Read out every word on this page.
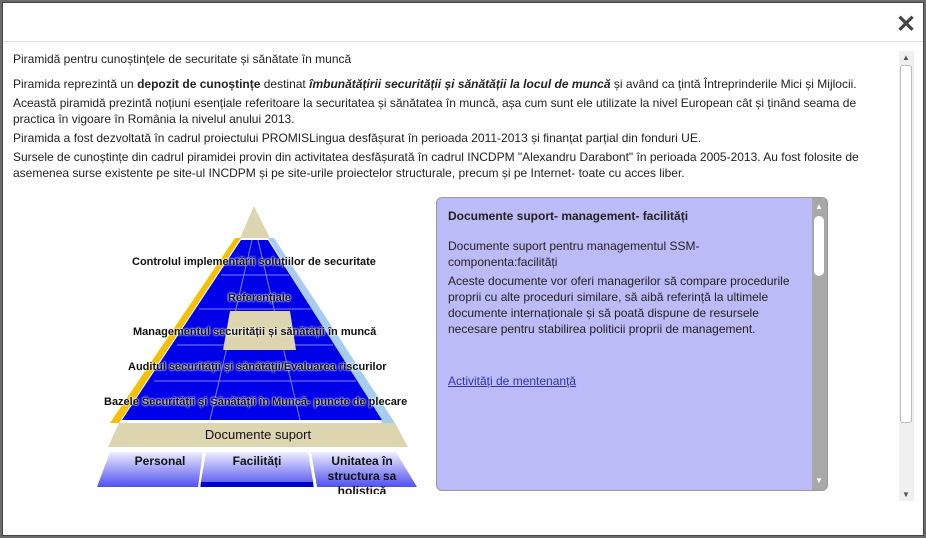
✕

Piramidă pentru cunoștințele de securitate și sănătate în muncă

Piramida reprezintă un depozit de cunoștințe destinat îmbunătățirii securității și sănătății la locul de muncă și având ca țintă Întreprinderile Mici și Mijlocii.

Această piramidă prezintă noțiuni esențiale referitoare la securitatea și sănătatea în muncă, așa cum sunt ele utilizate la nivel European cât și ținând seama de practica în vigoare în România la nivelul anului 2013.

Piramida a fost dezvoltată în cadrul proiectului PROMISLingua desfășurat în perioada 2011-2013 și finanțat parțial din fonduri UE.

Sursele de cunoștințe din cadrul piramidei provin din activitatea desfășurată în cadrul INCDPM "Alexandru Darabont" în perioada 2005-2013. Au fost folosite de asemenea surse existente pe site-ul INCDPM și pe site-urile proiectelor structurale, precum și pe Internet- toate cu acces liber.

▲
▼
Controlul implementării soluțiilor de securitate
Referențiale
Managementul securității și sănătății în muncă
Auditul securității și sănătății/Evaluarea riscurilor
Bazele Securității și Sănătății în Muncă- puncte de plecare
Documente suport
Personal	Facilități	Unitatea în structura sa holistică
Documente suport- management- facilități

Documente suport pentru managementul SSM- componenta:facilități

Aceste documente vor oferi managerilor să compare procedurile proprii cu alte proceduri similare, să aibă referință la ultimele documente internaționale și să poată dispune de resursele necesare pentru stabilirea politicii proprii de management.

Activități de mentenanță
▲
▼
